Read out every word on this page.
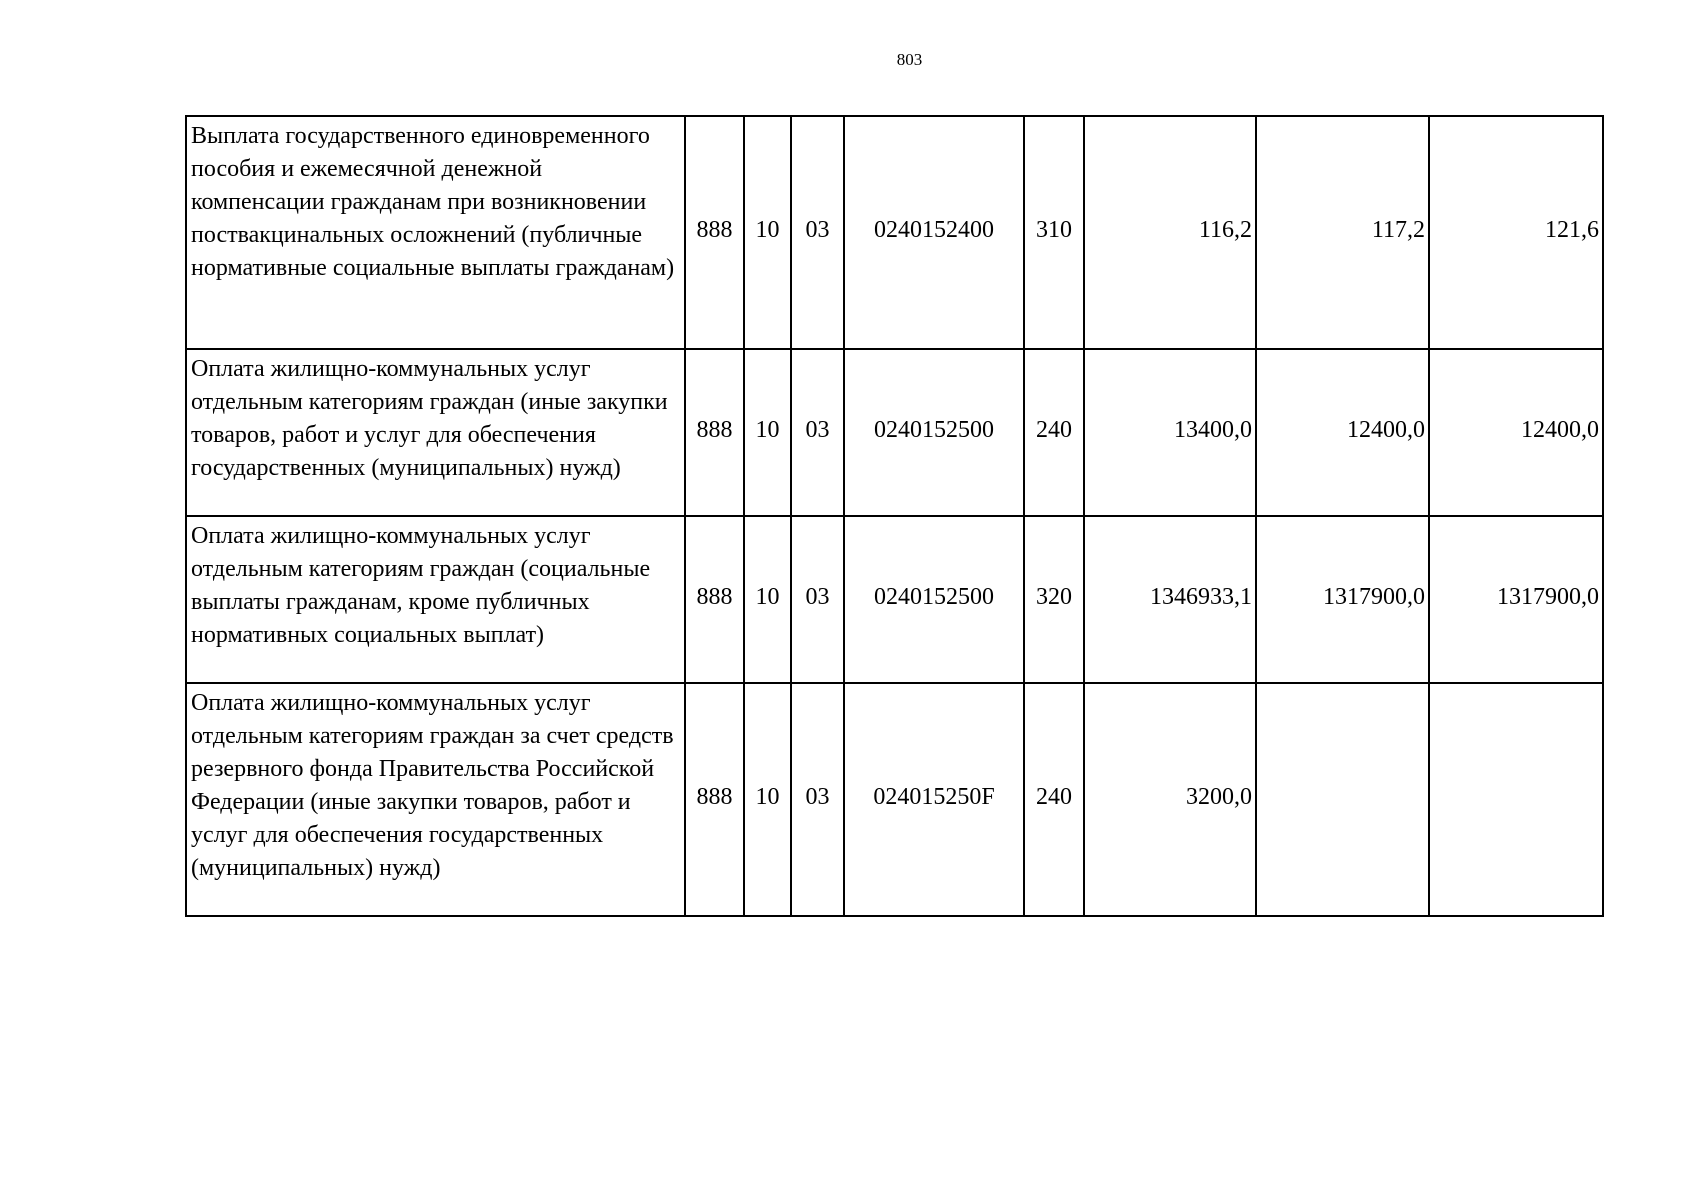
803
Выплата государственного единовременного пособия и ежемесячной денежной компенсации гражданам при возникновении поствакцинальных осложнений (публичные нормативные социальные выплаты гражданам)	888	10	03	0240152400	310	116,2	117,2	121,6
Оплата жилищно-коммунальных услуг отдельным категориям граждан (иные закупки товаров, работ и услуг для обеспечения государственных (муниципальных) нужд)	888	10	03	0240152500	240	13400,0	12400,0	12400,0
Оплата жилищно-коммунальных услуг отдельным категориям граждан (социальные выплаты гражданам, кроме публичных нормативных социальных выплат)	888	10	03	0240152500	320	1346933,1	1317900,0	1317900,0
Оплата жилищно-коммунальных услуг отдельным категориям граждан за счет средств резервного фонда Правительства Российской Федерации (иные закупки товаров, работ и услуг для обеспечения государственных (муниципальных) нужд)	888	10	03	024015250F	240	3200,0		
